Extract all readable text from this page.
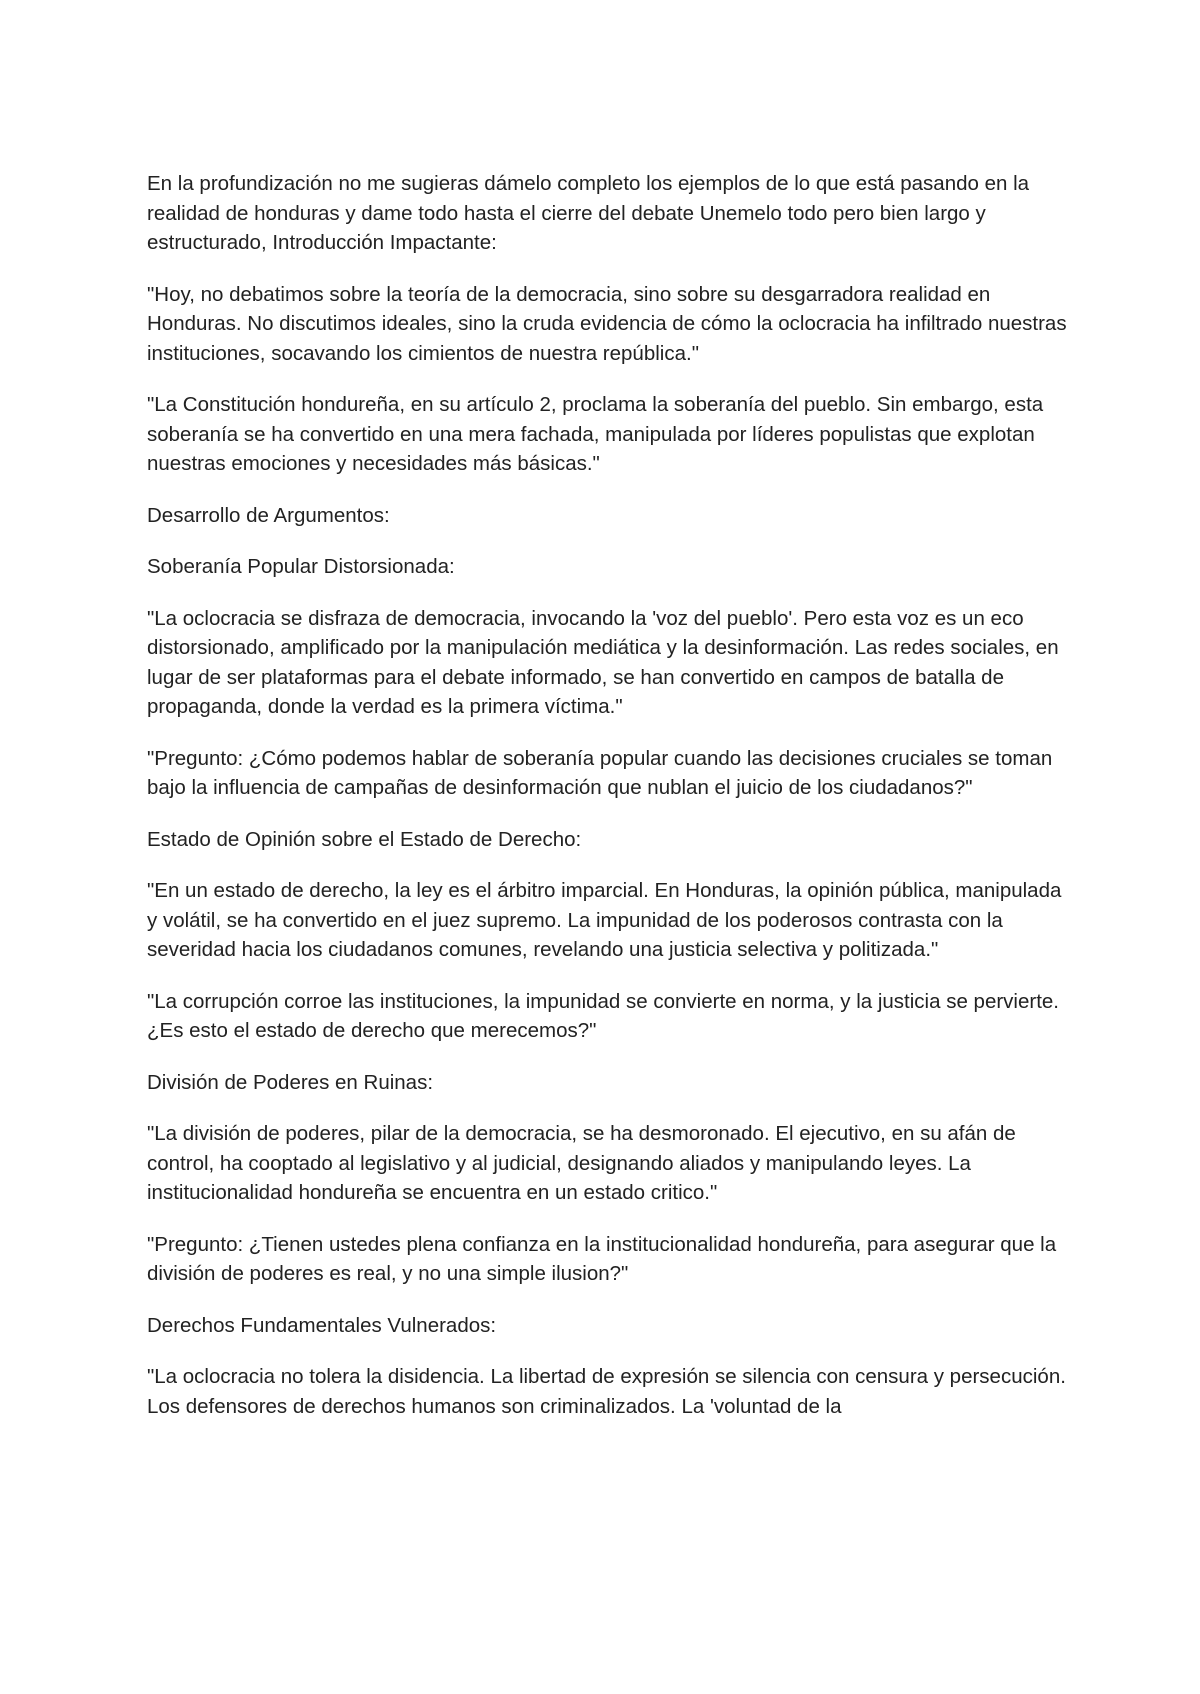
En la profundización no me sugieras dámelo completo los ejemplos de lo que está pasando en la realidad de honduras y dame todo hasta el cierre del debate Unemelo todo pero bien largo y estructurado, Introducción Impactante:

"Hoy, no debatimos sobre la teoría de la democracia, sino sobre su desgarradora realidad en Honduras. No discutimos ideales, sino la cruda evidencia de cómo la oclocracia ha infiltrado nuestras instituciones, socavando los cimientos de nuestra república."

"La Constitución hondureña, en su artículo 2, proclama la soberanía del pueblo. Sin embargo, esta soberanía se ha convertido en una mera fachada, manipulada por líderes populistas que explotan nuestras emociones y necesidades más básicas."

Desarrollo de Argumentos:

Soberanía Popular Distorsionada:

"La oclocracia se disfraza de democracia, invocando la 'voz del pueblo'. Pero esta voz es un eco distorsionado, amplificado por la manipulación mediática y la desinformación. Las redes sociales, en lugar de ser plataformas para el debate informado, se han convertido en campos de batalla de propaganda, donde la verdad es la primera víctima."

"Pregunto: ¿Cómo podemos hablar de soberanía popular cuando las decisiones cruciales se toman bajo la influencia de campañas de desinformación que nublan el juicio de los ciudadanos?"

Estado de Opinión sobre el Estado de Derecho:

"En un estado de derecho, la ley es el árbitro imparcial. En Honduras, la opinión pública, manipulada y volátil, se ha convertido en el juez supremo. La impunidad de los poderosos contrasta con la severidad hacia los ciudadanos comunes, revelando una justicia selectiva y politizada."

"La corrupción corroe las instituciones, la impunidad se convierte en norma, y la justicia se pervierte. ¿Es esto el estado de derecho que merecemos?"

División de Poderes en Ruinas:

"La división de poderes, pilar de la democracia, se ha desmoronado. El ejecutivo, en su afán de control, ha cooptado al legislativo y al judicial, designando aliados y manipulando leyes. La institucionalidad hondureña se encuentra en un estado critico."

"Pregunto: ¿Tienen ustedes plena confianza en la institucionalidad hondureña, para asegurar que la división de poderes es real, y no una simple ilusion?"

Derechos Fundamentales Vulnerados:

"La oclocracia no tolera la disidencia. La libertad de expresión se silencia con censura y persecución. Los defensores de derechos humanos son criminalizados. La 'voluntad de la
